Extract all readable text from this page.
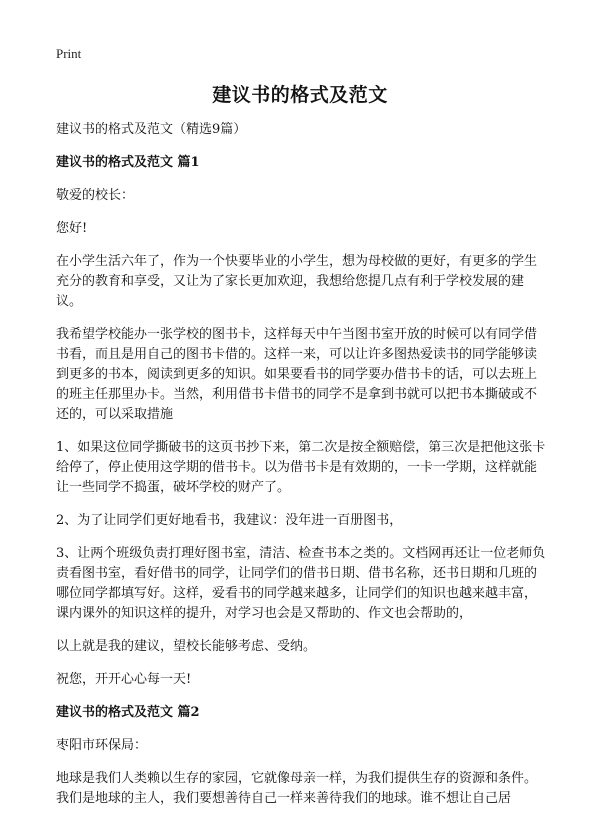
Print
建议书的格式及范文

建议书的格式及范文（精选9篇）

建议书的格式及范文 篇1

敬爱的校长：

您好!

在小学生活六年了，作为一个快要毕业的小学生，想为母校做的更好，有更多的学生充分的教育和享受，又让为了家长更加欢迎，我想给您提几点有利于学校发展的建议。

我希望学校能办一张学校的图书卡，这样每天中午当图书室开放的时候可以有同学借书看，而且是用自己的图书卡借的。这样一来，可以让许多图热爱读书的同学能够读到更多的书本，阅读到更多的知识。如果要看书的同学要办借书卡的话，可以去班上的班主任那里办卡。当然，利用借书卡借书的同学不是拿到书就可以把书本撕破或不还的，可以采取措施

1、如果这位同学撕破书的这页书抄下来，第二次是按全额赔偿，第三次是把他这张卡给停了，停止使用这学期的借书卡。以为借书卡是有效期的，一卡一学期，这样就能让一些同学不捣蛋，破坏学校的财产了。

2、为了让同学们更好地看书，我建议：没年进一百册图书，

3、让两个班级负责打理好图书室，清洁、检查书本之类的。文档网再还让一位老师负责看图书室，看好借书的同学，让同学们的借书日期、借书名称，还书日期和几班的哪位同学都填写好。这样，爱看书的同学越来越多，让同学们的知识也越来越丰富，课内课外的知识这样的提升，对学习也会是又帮助的、作文也会帮助的，

以上就是我的建议，望校长能够考虑、受纳。

祝您，开开心心每一天!

建议书的格式及范文 篇2

枣阳市环保局：

地球是我们人类赖以生存的家园，它就像母亲一样，为我们提供生存的资源和条件。我们是地球的主人，我们要想善待自己一样来善待我们的地球。谁不想让自己居
